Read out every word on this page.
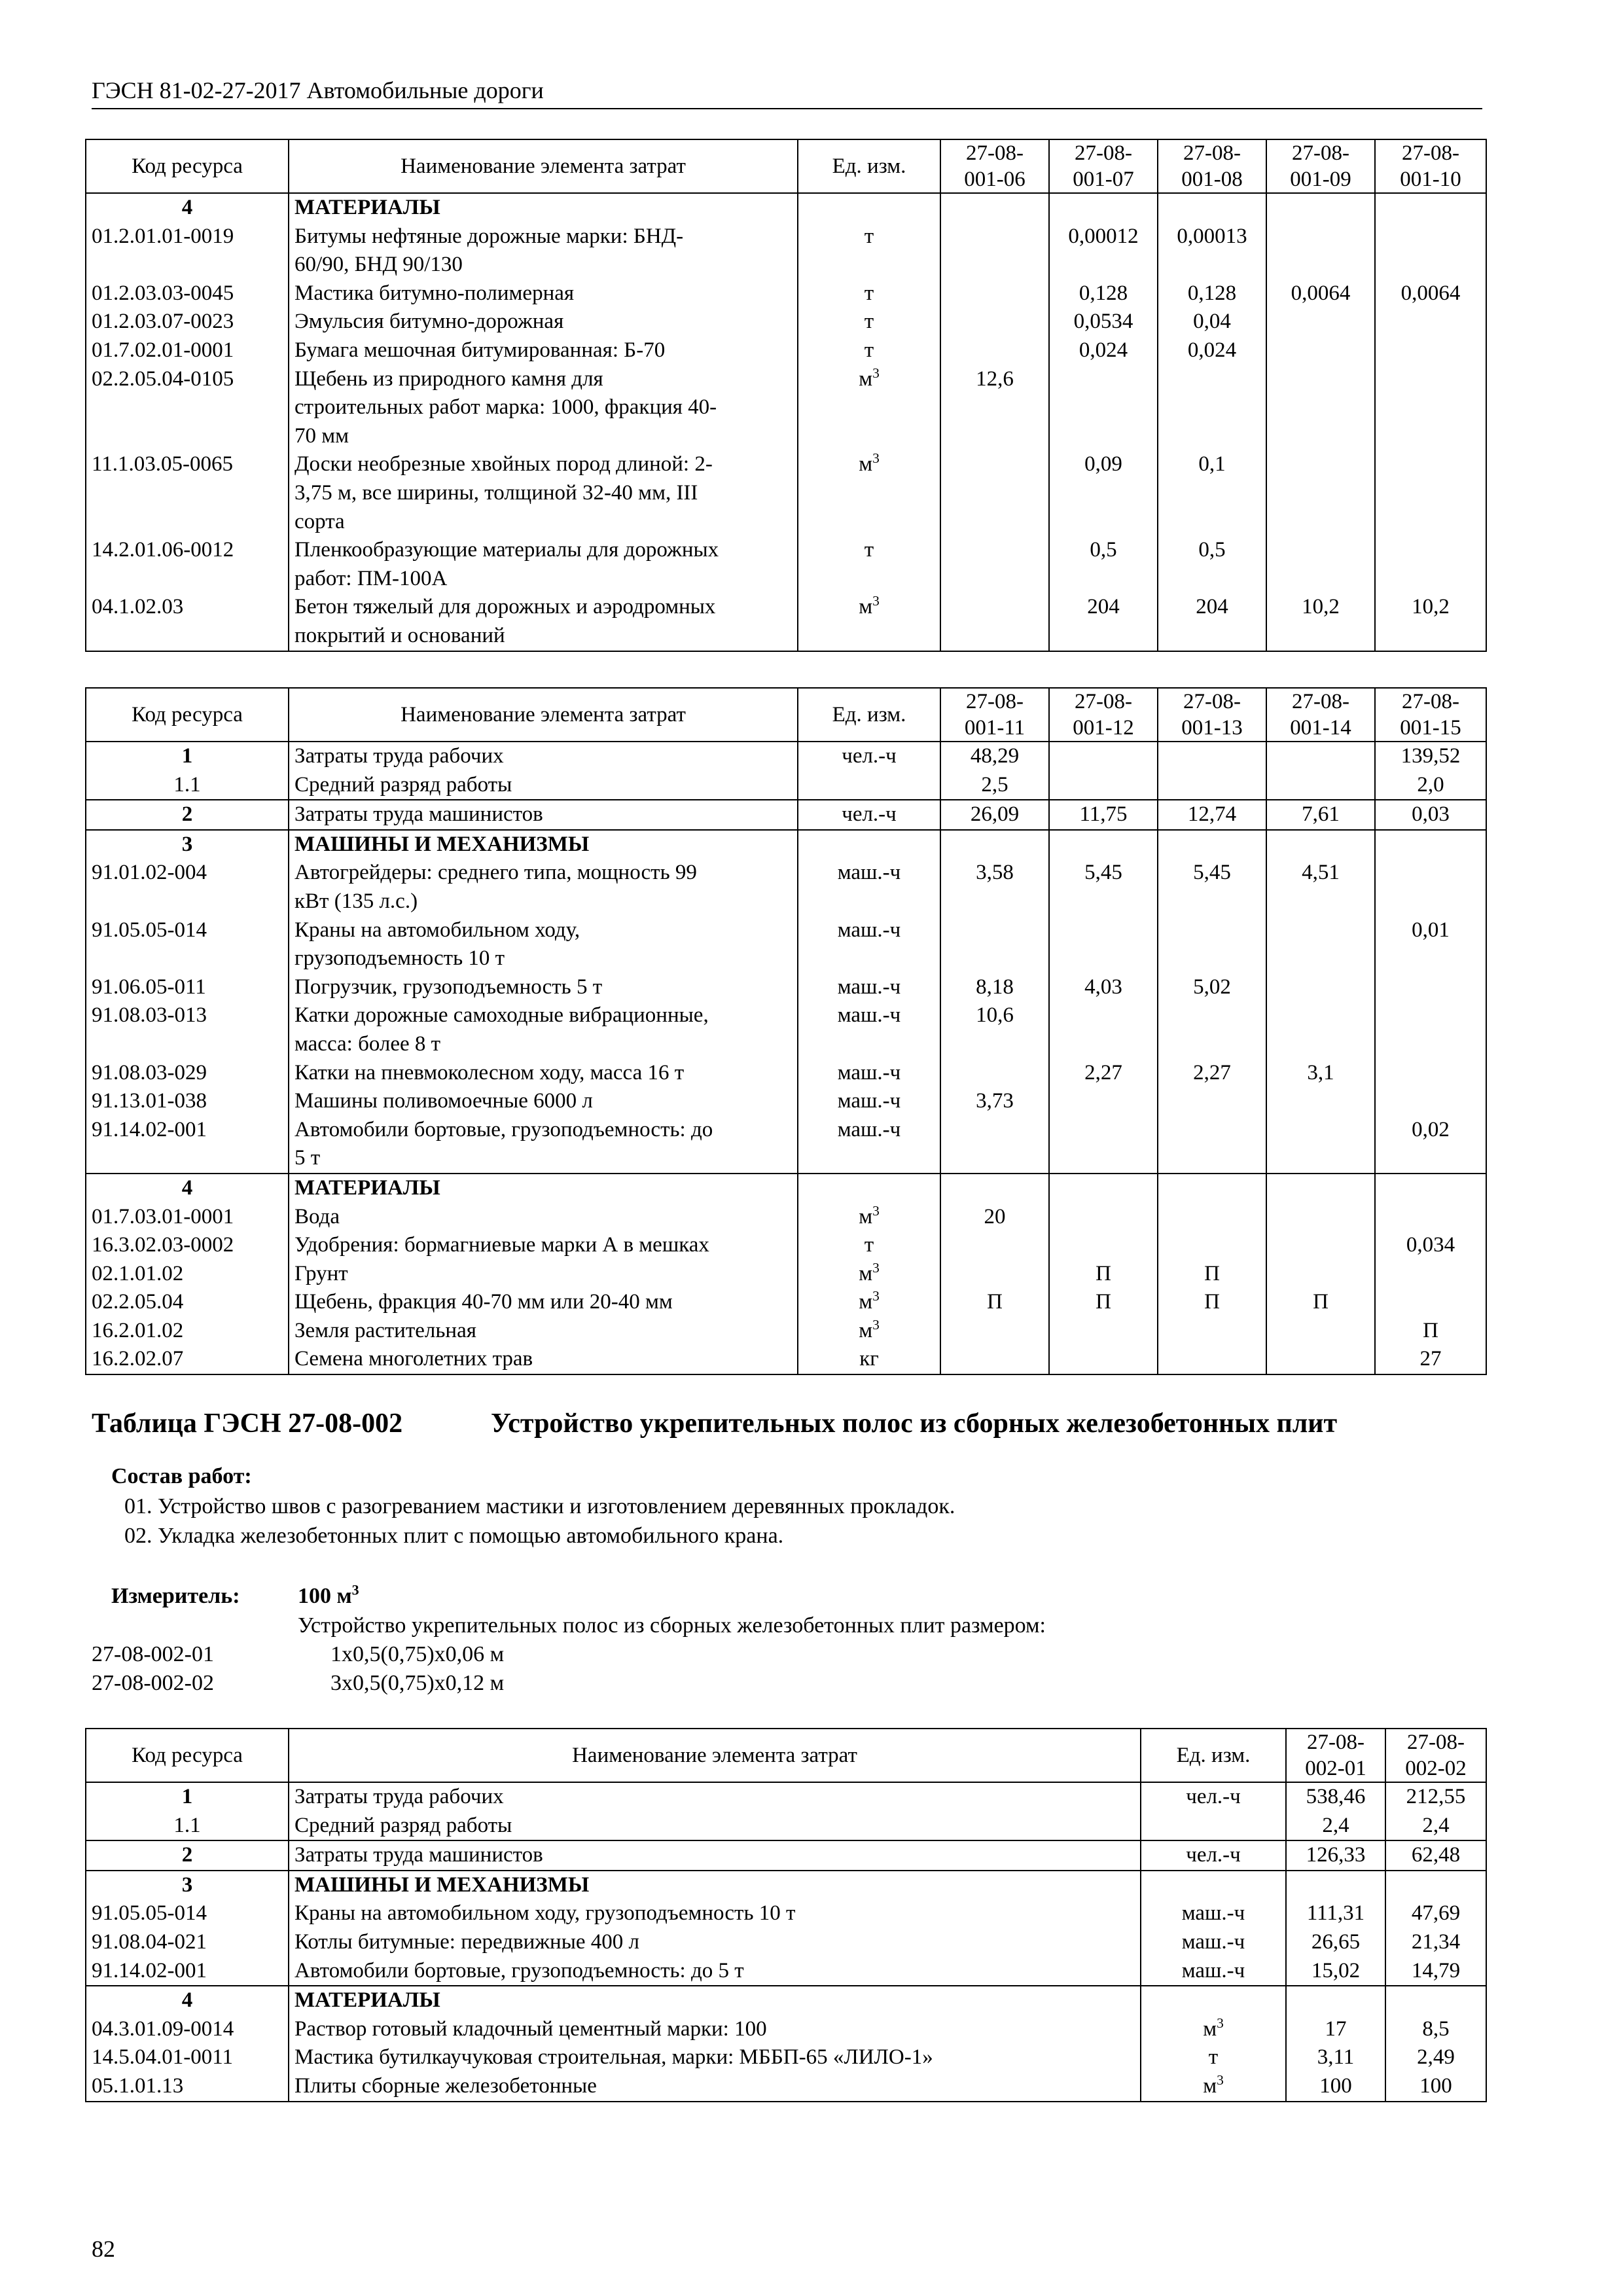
ГЭСН 81-02-27-2017 Автомобильные дороги
Код ресурса	Наименование элемента затрат	Ед. изм.	27-08-
001-06	27-08-
001-07	27-08-
001-08	27-08-
001-09	27-08-
001-10
4	МАТЕРИАЛЫ						
01.2.01.01-0019	Битумы нефтяные дорожные марки: БНД-
60/90, БНД 90/130	т		0,00012	0,00013		
01.2.03.03-0045	Мастика битумно-полимерная	т		0,128	0,128	0,0064	0,0064
01.2.03.07-0023	Эмульсия битумно-дорожная	т		0,0534	0,04		
01.7.02.01-0001	Бумага мешочная битумированная: Б-70	т		0,024	0,024		
02.2.05.04-0105	Щебень из природного камня для
строительных работ марка: 1000, фракция 40-
70 мм	$м^3$	12,6				
11.1.03.05-0065	Доски необрезные хвойных пород длиной: 2-
3,75 м, все ширины, толщиной 32-40 мм, III
сорта	$м^3$		0,09	0,1		
14.2.01.06-0012	Пленкообразующие материалы для дорожных
работ: ПМ-100А	т		0,5	0,5		
04.1.02.03	Бетон тяжелый для дорожных и аэродромных
покрытий и оснований	$м^3$		204	204	10,2	10,2
Код ресурса	Наименование элемента затрат	Ед. изм.	27-08-
001-11	27-08-
001-12	27-08-
001-13	27-08-
001-14	27-08-
001-15
1	Затраты труда рабочих	чел.-ч	48,29				139,52
1.1	Средний разряд работы		2,5				2,0
2	Затраты труда машинистов	чел.-ч	26,09	11,75	12,74	7,61	0,03
3	МАШИНЫ И МЕХАНИЗМЫ						
91.01.02-004	Автогрейдеры: среднего типа, мощность 99
кВт (135 л.с.)	маш.-ч	3,58	5,45	5,45	4,51	
91.05.05-014	Краны на автомобильном ходу,
грузоподъемность 10 т	маш.-ч					0,01
91.06.05-011	Погрузчик, грузоподъемность 5 т	маш.-ч	8,18	4,03	5,02		
91.08.03-013	Катки дорожные самоходные вибрационные,
масса: более 8 т	маш.-ч	10,6				
91.08.03-029	Катки на пневмоколесном ходу, масса 16 т	маш.-ч		2,27	2,27	3,1	
91.13.01-038	Машины поливомоечные 6000 л	маш.-ч	3,73				
91.14.02-001	Автомобили бортовые, грузоподъемность: до
5 т	маш.-ч					0,02
4	МАТЕРИАЛЫ						
01.7.03.01-0001	Вода	$м^3$	20				
16.3.02.03-0002	Удобрения: бормагниевые марки А в мешках	т					0,034
02.1.01.02	Грунт	$м^3$		П	П		
02.2.05.04	Щебень, фракция 40-70 мм или 20-40 мм	$м^3$	П	П	П	П	
16.2.01.02	Земля растительная	$м^3$					П
16.2.02.07	Семена многолетних трав	кг					27
Таблица ГЭСН 27-08-002	Устройство укрепительных полос из сборных железобетонных плит
Состав работ:
01. Устройство швов с разогреванием мастики и изготовлением деревянных прокладок.
02. Укладка железобетонных плит с помощью автомобильного крана.
Измеритель:	100 $м^3$
Устройство укрепительных полос из сборных железобетонных плит размером:
27-08-002-01	1х0,5(0,75)х0,06 м
27-08-002-02	3х0,5(0,75)х0,12 м
Код ресурса	Наименование элемента затрат	Ед. изм.	27-08-
002-01	27-08-
002-02
1	Затраты труда рабочих	чел.-ч	538,46	212,55
1.1	Средний разряд работы		2,4	2,4
2	Затраты труда машинистов	чел.-ч	126,33	62,48
3	МАШИНЫ И МЕХАНИЗМЫ			
91.05.05-014	Краны на автомобильном ходу, грузоподъемность 10 т	маш.-ч	111,31	47,69
91.08.04-021	Котлы битумные: передвижные 400 л	маш.-ч	26,65	21,34
91.14.02-001	Автомобили бортовые, грузоподъемность: до 5 т	маш.-ч	15,02	14,79
4	МАТЕРИАЛЫ			
04.3.01.09-0014	Раствор готовый кладочный цементный марки: 100	$м^3$	17	8,5
14.5.04.01-0011	Мастика бутилкаучуковая строительная, марки: МББП-65 «ЛИЛО-1»	т	3,11	2,49
05.1.01.13	Плиты сборные железобетонные	$м^3$	100	100
82
